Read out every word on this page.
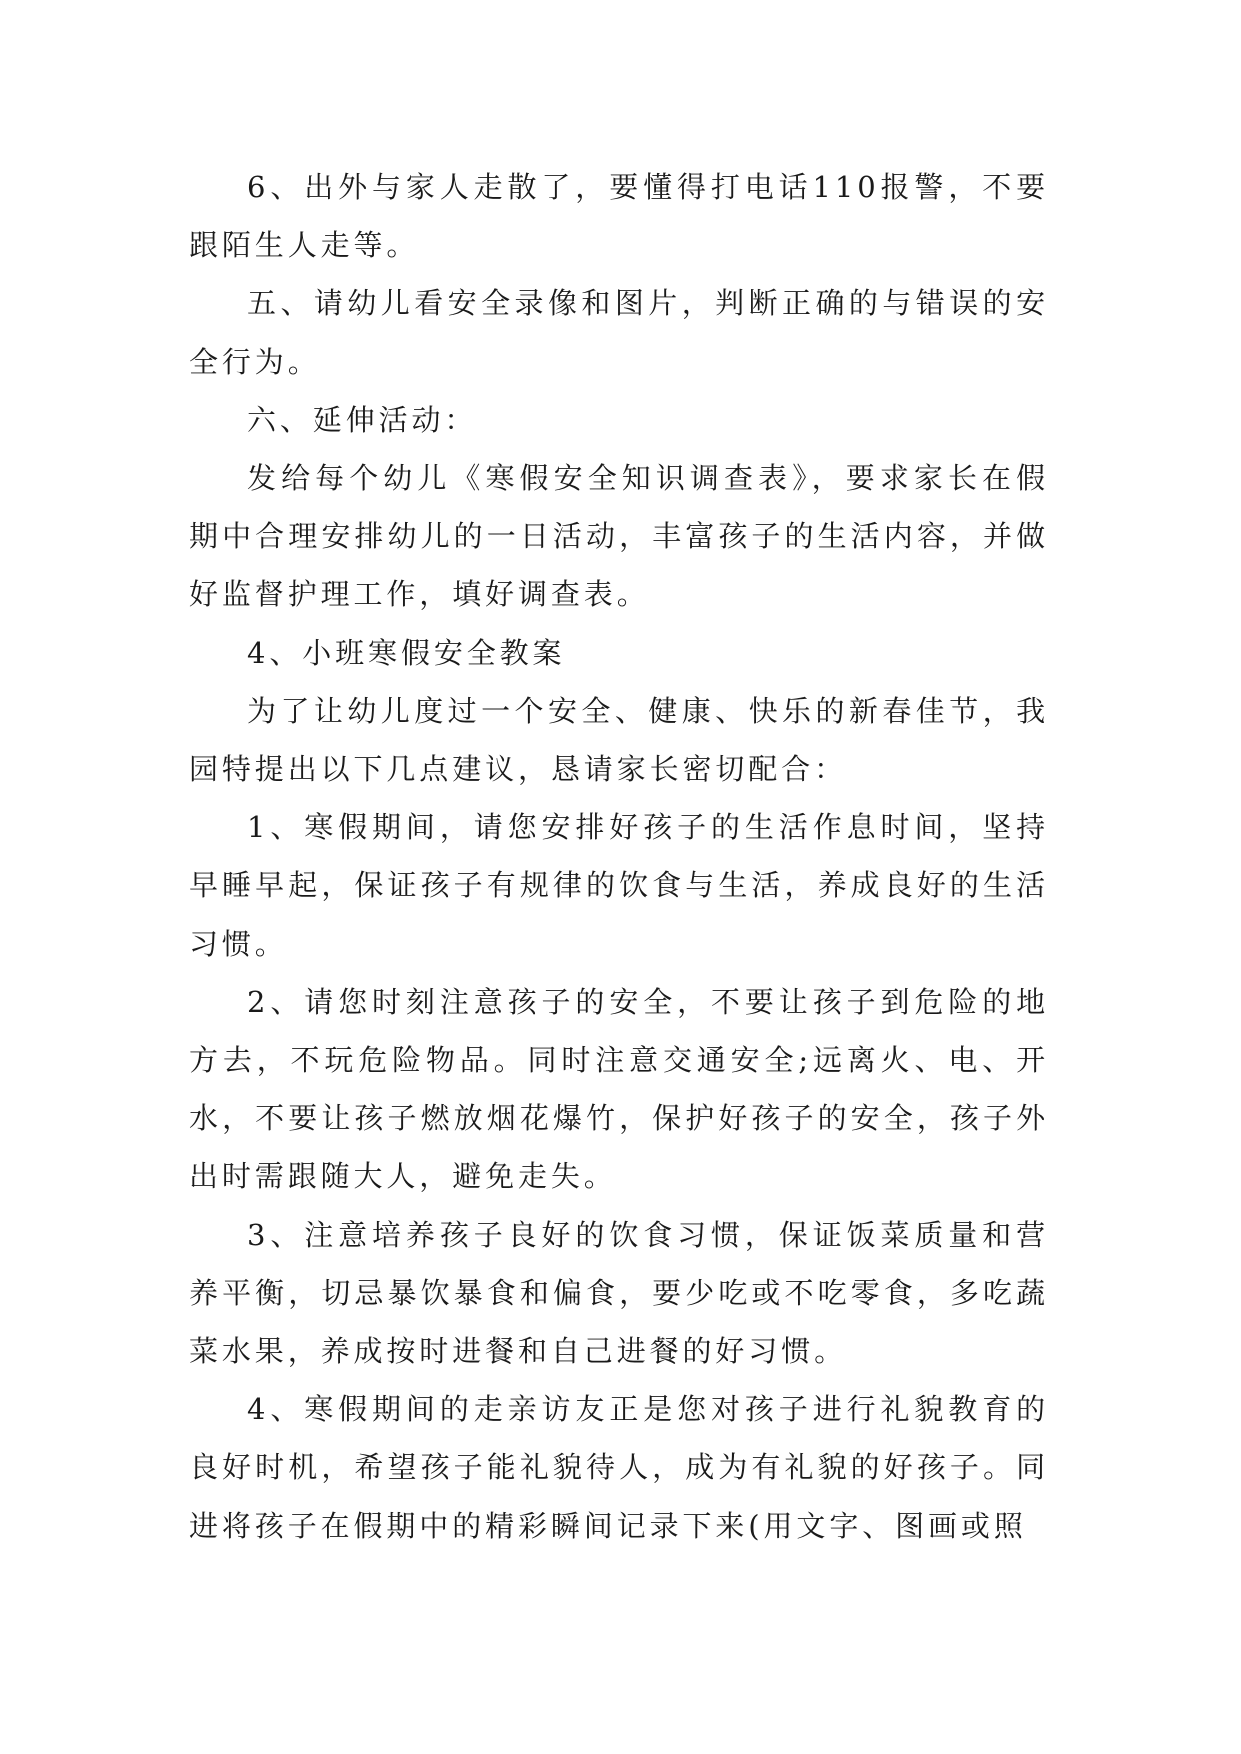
6、出外与家人走散了，要懂得打电话110报警，不要跟陌生人走等。

五、请幼儿看安全录像和图片，判断正确的与错误的安全行为。

六、延伸活动：

发给每个幼儿《寒假安全知识调查表》，要求家长在假期中合理安排幼儿的一日活动，丰富孩子的生活内容，并做好监督护理工作，填好调查表。

4、小班寒假安全教案

为了让幼儿度过一个安全、健康、快乐的新春佳节，我园特提出以下几点建议，恳请家长密切配合：

1、寒假期间，请您安排好孩子的生活作息时间，坚持早睡早起，保证孩子有规律的饮食与生活，养成良好的生活习惯。

2、请您时刻注意孩子的安全，不要让孩子到危险的地方去，不玩危险物品。同时注意交通安全;远离火、电、开水，不要让孩子燃放烟花爆竹，保护好孩子的安全，孩子外出时需跟随大人，避免走失。

3、注意培养孩子良好的饮食习惯，保证饭菜质量和营养平衡，切忌暴饮暴食和偏食，要少吃或不吃零食，多吃蔬菜水果，养成按时进餐和自己进餐的好习惯。

4、寒假期间的走亲访友正是您对孩子进行礼貌教育的良好时机，希望孩子能礼貌待人，成为有礼貌的好孩子。同进将孩子在假期中的精彩瞬间记录下来(用文字、图画或照
